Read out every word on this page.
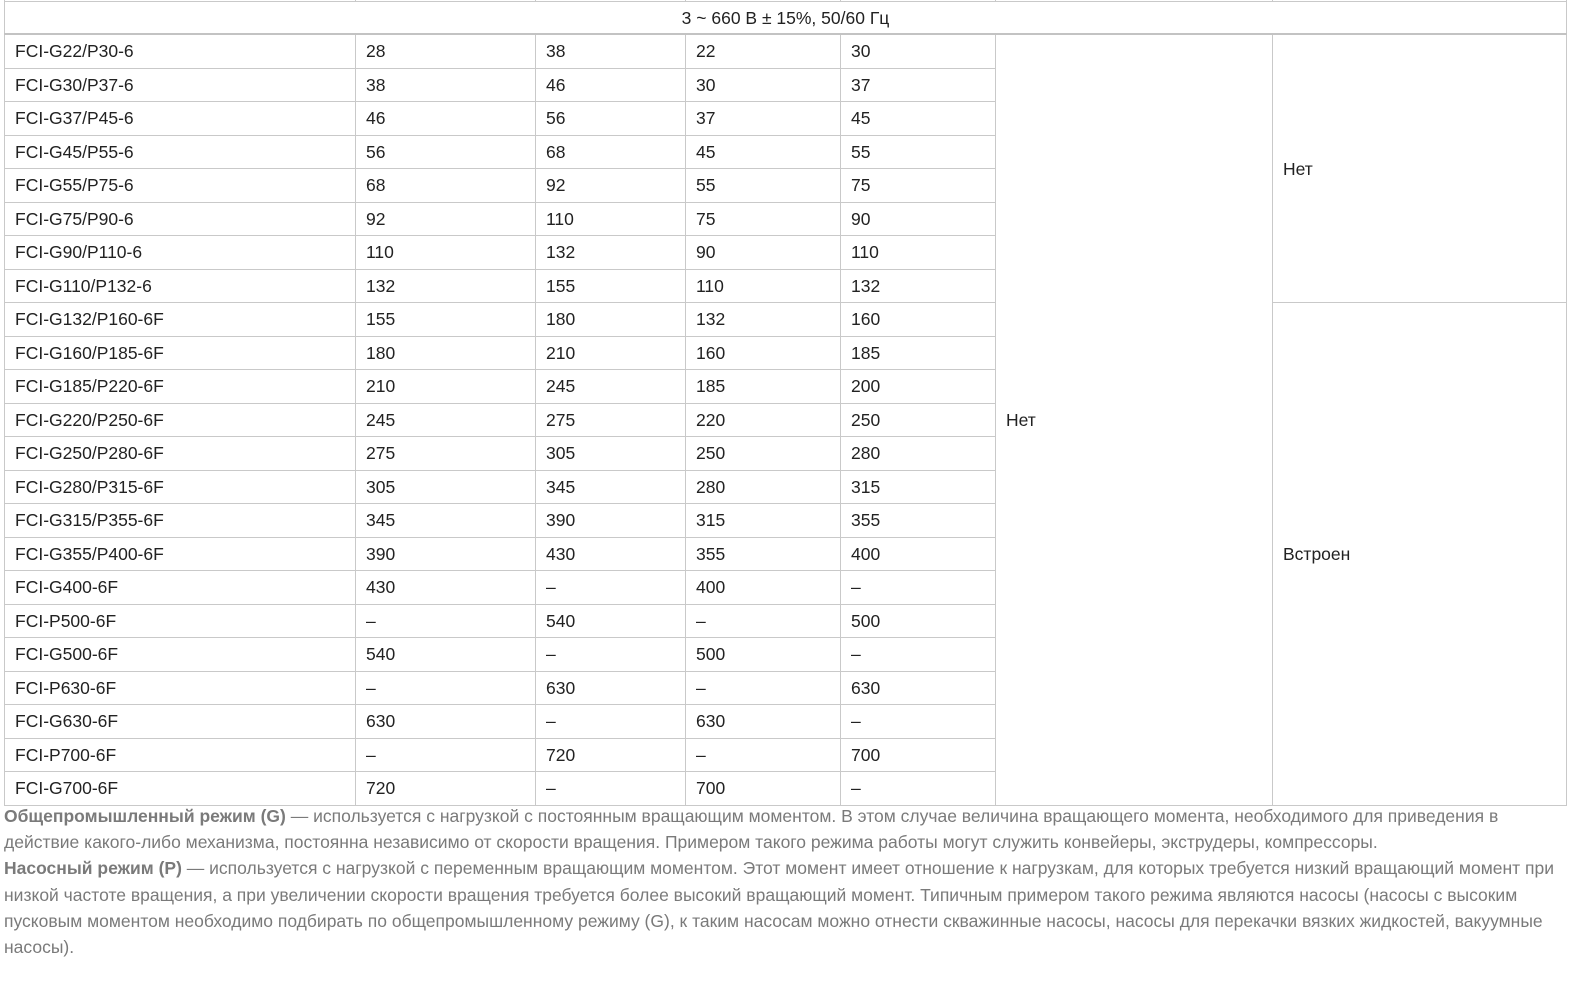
3 ~ 660 В ± 15%, 50/60 Гц						
FCI-G22/P30-6	28	38	22	30	Нет	Нет
FCI-G30/P37-6	38	46	30	37		
FCI-G37/P45-6	46	56	37	45		
FCI-G45/P55-6	56	68	45	55		
FCI-G55/P75-6	68	92	55	75		
FCI-G75/P90-6	92	110	75	90		
FCI-G90/P110-6	110	132	90	110		
FCI-G110/P132-6	132	155	110	132		
FCI-G132/P160-6F	155	180	132	160		Встроен
FCI-G160/P185-6F	180	210	160	185		
FCI-G185/P220-6F	210	245	185	200		
FCI-G220/P250-6F	245	275	220	250		
FCI-G250/P280-6F	275	305	250	280		
FCI-G280/P315-6F	305	345	280	315		
FCI-G315/P355-6F	345	390	315	355		
FCI-G355/P400-6F	390	430	355	400		
FCI-G400-6F	430	–	400	–		
FCI-P500-6F	–	540	–	500		
FCI-G500-6F	540	–	500	–		
FCI-P630-6F	–	630	–	630		
FCI-G630-6F	630	–	630	–		
FCI-P700-6F	–	720	–	700		
FCI-G700-6F	720	–	700	–		

Общепромышленный режим (G) — используется с нагрузкой с постоянным вращающим моментом. В этом случае величина вращающего момента, необходимого для приведения в действие какого-либо механизма, постоянна независимо от скорости вращения. Примером такого режима работы могут служить конвейеры, экструдеры, компрессоры.

Насосный режим (P) — используется с нагрузкой с переменным вращающим моментом. Этот момент имеет отношение к нагрузкам, для которых требуется низкий вращающий момент при низкой частоте вращения, а при увеличении скорости вращения требуется более высокий вращающий момент. Типичным примером такого режима являются насосы (насосы с высоким пусковым моментом необходимо подбирать по общепромышленному режиму (G), к таким насосам можно отнести скважинные насосы, насосы для перекачки вязких жидкостей, вакуумные насосы).
